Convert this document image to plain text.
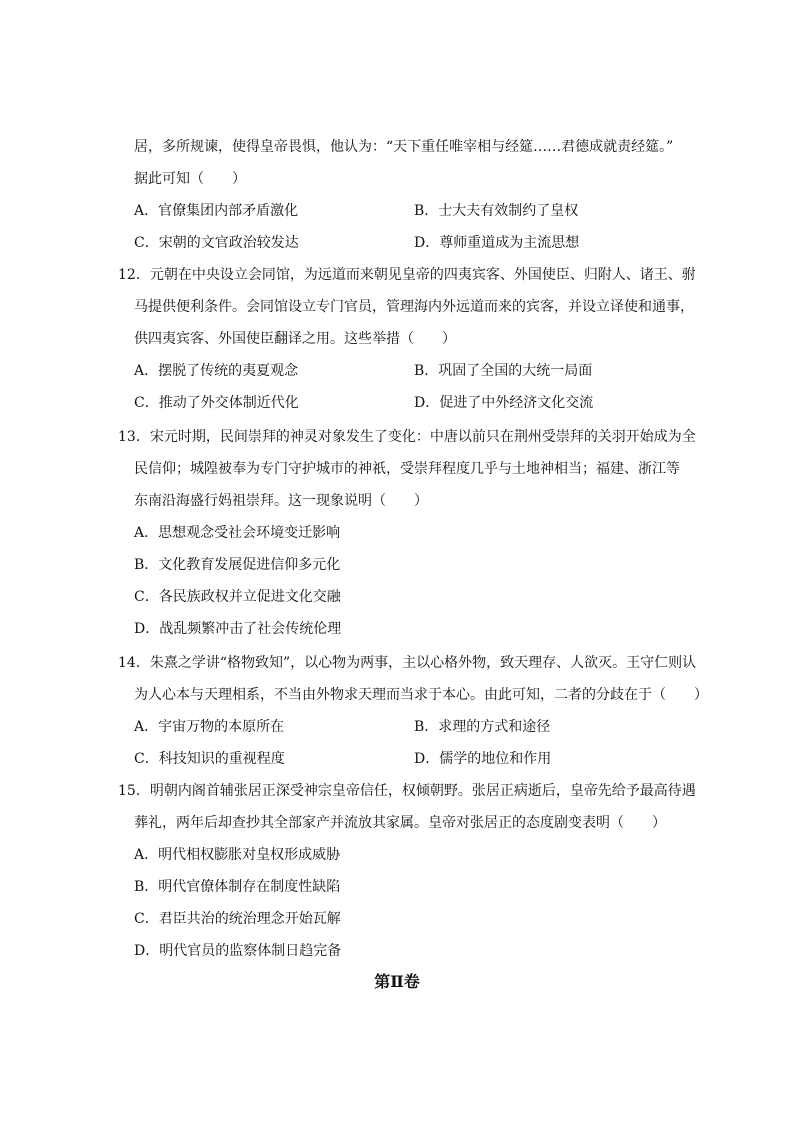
居，多所规谏，使得皇帝畏惧，他认为：“天下重任唯宰相与经筵……君德成就责经筵。”
据此可知（　　）
A．官僚集团内部矛盾激化	B．士大夫有效制约了皇权
C．宋朝的文官政治较发达	D．尊师重道成为主流思想
12．元朝在中央设立会同馆，为远道而来朝见皇帝的四夷宾客、外国使臣、归附人、诸王、驸
马提供便利条件。会同馆设立专门官员，管理海内外远道而来的宾客，并设立译使和通事，
供四夷宾客、外国使臣翻译之用。这些举措（　　）
A．摆脱了传统的夷夏观念	B．巩固了全国的大统一局面
C．推动了外交体制近代化	D．促进了中外经济文化交流
13．宋元时期，民间崇拜的神灵对象发生了变化：中唐以前只在荆州受崇拜的关羽开始成为全
民信仰；城隍被奉为专门守护城市的神祇，受崇拜程度几乎与土地神相当；福建、浙江等
东南沿海盛行妈祖崇拜。这一现象说明（　　）
A．思想观念受社会环境变迁影响
B．文化教育发展促进信仰多元化
C．各民族政权并立促进文化交融
D．战乱频繁冲击了社会传统伦理
14．朱熹之学讲“格物致知”，以心物为两事，主以心格外物，致天理存、人欲灭。王守仁则认
为人心本与天理相系，不当由外物求天理而当求于本心。由此可知，二者的分歧在于（　　）
A．宇宙万物的本原所在	B．求理的方式和途径
C．科技知识的重视程度	D．儒学的地位和作用
15．明朝内阁首辅张居正深受神宗皇帝信任，权倾朝野。张居正病逝后，皇帝先给予最高待遇
葬礼，两年后却查抄其全部家产并流放其家属。皇帝对张居正的态度剧变表明（　　）
A．明代相权膨胀对皇权形成威胁
B．明代官僚体制存在制度性缺陷
C．君臣共治的统治理念开始瓦解
D．明代官员的监察体制日趋完备
第Ⅱ卷
